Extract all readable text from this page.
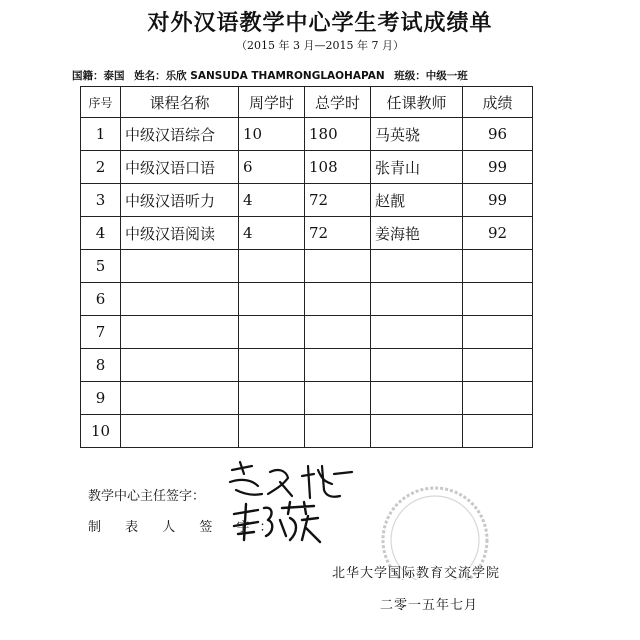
对外汉语教学中心学生考试成绩单
（2015 年 3 月—2015 年 7 月）
国籍：泰国 姓名：乐欣 SANSUDA THAMRONGLAOHAPAN 班级：中级一班
序号	课程名称	周学时	总学时	任课教师	成绩
1	中级汉语综合	10	180	马英骁	96
2	中级汉语口语	6	108	张青山	99
3	中级汉语听力	4	72	赵靓	99
4	中级汉语阅读	4	72	姜海艳	92
5					
6					
7					
8					
9					
10					
教学中心主任签字：
制 表 人 签 字：
北华大学国际教育交流学院
二零一五年七月
